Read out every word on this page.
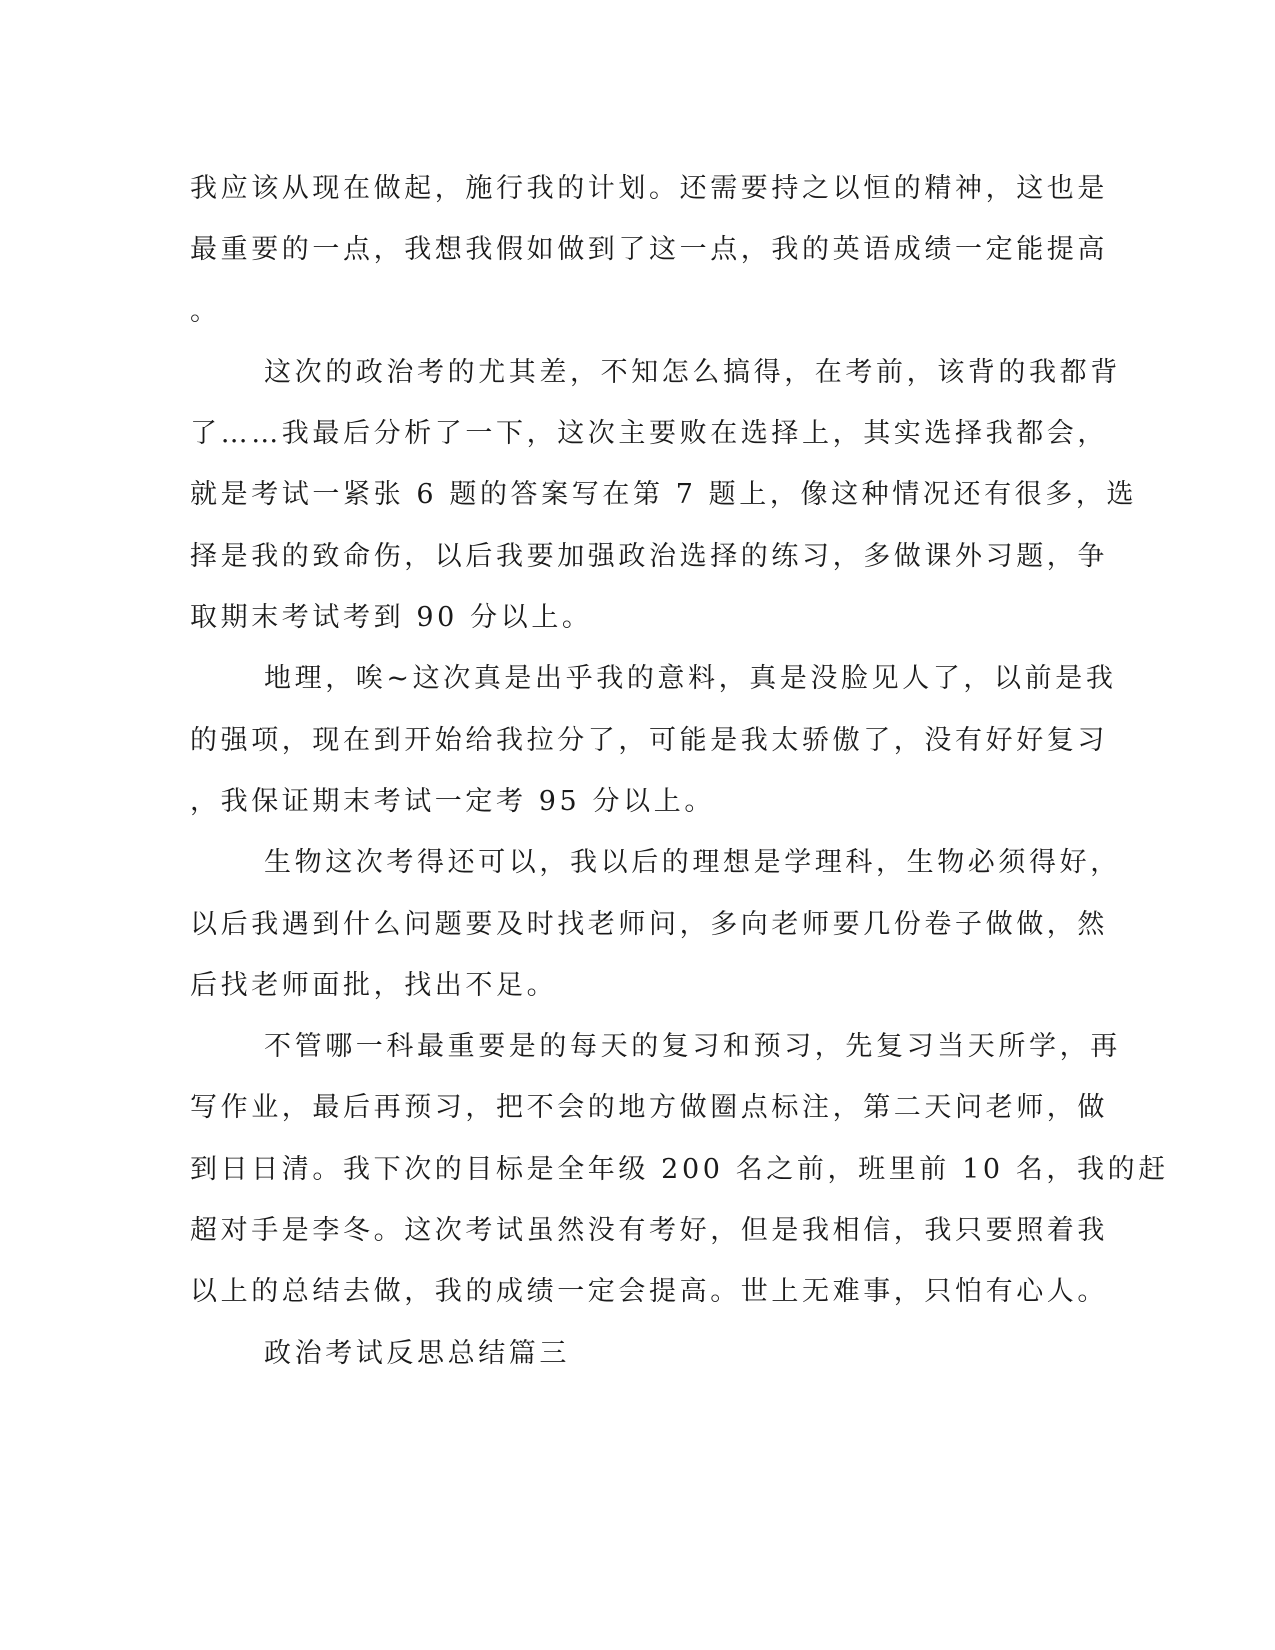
我应该从现在做起，施行我的计划。还需要持之以恒的精神，这也是
最重要的一点，我想我假如做到了这一点，我的英语成绩一定能提高
。
这次的政治考的尤其差，不知怎么搞得，在考前，该背的我都背
了……我最后分析了一下，这次主要败在选择上，其实选择我都会，
就是考试一紧张 6 题的答案写在第 7 题上，像这种情况还有很多，选
择是我的致命伤，以后我要加强政治选择的练习，多做课外习题，争
取期末考试考到 90 分以上。
地理，唉~这次真是出乎我的意料，真是没脸见人了，以前是我
的强项，现在到开始给我拉分了，可能是我太骄傲了，没有好好复习
，我保证期末考试一定考 95 分以上。
生物这次考得还可以，我以后的理想是学理科，生物必须得好，
以后我遇到什么问题要及时找老师问，多向老师要几份卷子做做，然
后找老师面批，找出不足。
不管哪一科最重要是的每天的复习和预习，先复习当天所学，再
写作业，最后再预习，把不会的地方做圈点标注，第二天问老师，做
到日日清。我下次的目标是全年级 200 名之前，班里前 10 名，我的赶
超对手是李冬。这次考试虽然没有考好，但是我相信，我只要照着我
以上的总结去做，我的成绩一定会提高。世上无难事，只怕有心人。
政治考试反思总结篇三
